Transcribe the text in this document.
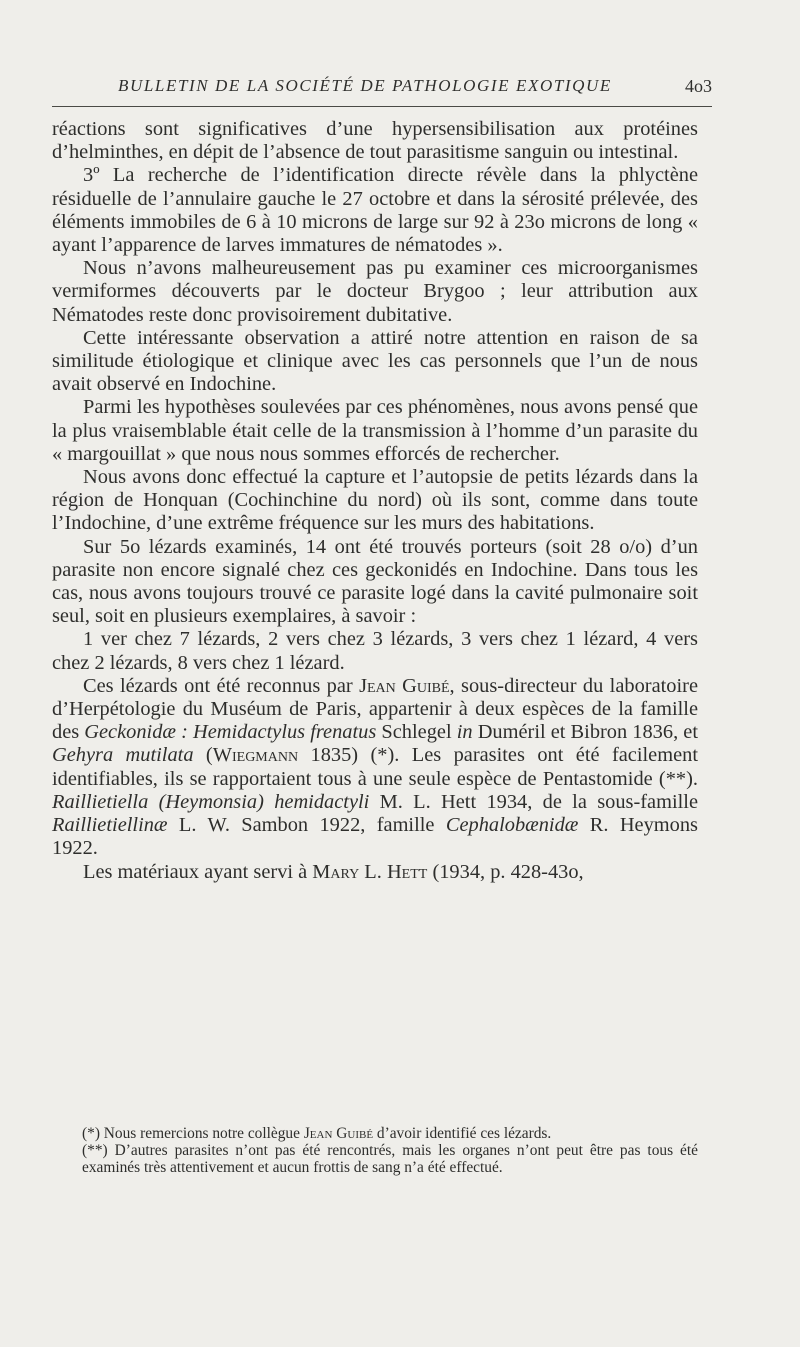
BULLETIN DE LA SOCIÉTÉ DE PATHOLOGIE EXOTIQUE	4o3

réactions sont significatives d’une hypersensibilisation aux protéines d’helminthes, en dépit de l’absence de tout parasitisme sanguin ou intestinal.

3º La recherche de l’identification directe révèle dans la phlyctène résiduelle de l’annulaire gauche le 27 octobre et dans la sérosité prélevée, des éléments immobiles de 6 à 10 microns de large sur 92 à 23o microns de long « ayant l’apparence de larves immatures de nématodes ».

Nous n’avons malheureusement pas pu examiner ces microorganismes vermiformes découverts par le docteur Brygoo ; leur attribution aux Nématodes reste donc provisoirement dubitative.

Cette intéressante observation a attiré notre attention en raison de sa similitude étiologique et clinique avec les cas personnels que l’un de nous avait observé en Indochine.

Parmi les hypothèses soulevées par ces phénomènes, nous avons pensé que la plus vraisemblable était celle de la transmission à l’homme d’un parasite du « margouillat » que nous nous sommes efforcés de rechercher.

Nous avons donc effectué la capture et l’autopsie de petits lézards dans la région de Honquan (Cochinchine du nord) où ils sont, comme dans toute l’Indochine, d’une extrême fréquence sur les murs des habitations.

Sur 5o lézards examinés, 14 ont été trouvés porteurs (soit 28 o/o) d’un parasite non encore signalé chez ces geckonidés en Indochine. Dans tous les cas, nous avons toujours trouvé ce parasite logé dans la cavité pulmonaire soit seul, soit en plusieurs exemplaires, à savoir :

1 ver chez 7 lézards, 2 vers chez 3 lézards, 3 vers chez 1 lézard, 4 vers chez 2 lézards, 8 vers chez 1 lézard.

Ces lézards ont été reconnus par Jean Guibé, sous-directeur du laboratoire d’Herpétologie du Muséum de Paris, appartenir à deux espèces de la famille des Geckonidæ : Hemidactylus frenatus Schlegel in Duméril et Bibron 1836, et Gehyra mutilata (Wiegmann 1835) (*). Les parasites ont été facilement identifiables, ils se rapportaient tous à une seule espèce de Pentastomide (**). Raillietiella (Heymonsia) hemidactyli M. L. Hett 1934, de la sous-famille Raillietiellinæ L. W. Sambon 1922, famille Cephalobænidæ R. Heymons 1922.

Les matériaux ayant servi à Mary L. Hett (1934, p. 428-43o,

(*) Nous remercions notre collègue Jean Guibé d’avoir identifié ces lézards.

(**) D’autres parasites n’ont pas été rencontrés, mais les organes n’ont peut être pas tous été examinés très attentivement et aucun frottis de sang n’a été effectué.
